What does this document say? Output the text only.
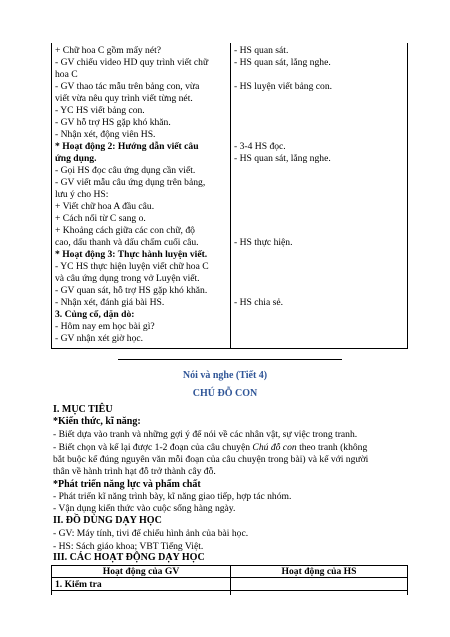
+ Chữ hoa C gồm mấy nét?
- GV chiếu video HD quy trình viết chữ
hoa C
- GV thao tác mẫu trên bảng con, vừa
viết vừa nêu quy trình viết từng nét.
- YC HS viết bảng con.
- GV hỗ trợ HS gặp khó khăn.
- Nhận xét, động viên HS.
* Hoạt động 2: Hướng dẫn viết câu
ứng dụng.
- Gọi HS đọc câu ứng dụng cần viết.
- GV viết mẫu câu ứng dụng trên bảng,
lưu ý cho HS:
+ Viết chữ hoa A đầu câu.
+ Cách nối từ C sang o.
+ Khoảng cách giữa các con chữ, độ
cao, dấu thanh và dấu chấm cuối câu.
* Hoạt động 3: Thực hành luyện viết.
- YC HS thực hiện luyện viết chữ hoa C
và câu ứng dụng trong vở Luyện viết.
- GV quan sát, hỗ trợ HS gặp khó khăn.
- Nhận xét, đánh giá bài HS.
3. Củng cố, dặn dò:
- Hôm nay em học bài gì?
- GV nhận xét giờ học.
- HS quan sát.
- HS quan sát, lắng nghe.
- HS luyện viết bảng con.
- 3-4 HS đọc.
- HS quan sát, lắng nghe.
- HS thực hiện.
- HS chia sẻ.
Nói và nghe (Tiết 4)
CHÚ ĐỖ CON
I. MỤC TIÊU
*Kiến thức, kĩ năng:
- Biết dựa vào tranh và những gợi ý để nói về các nhân vật, sự việc trong tranh.
- Biết chọn và kể lại được 1-2 đoạn của câu chuyện Chú đỗ con theo tranh (không
bắt buộc kể đúng nguyên văn mỗi đoạn của câu chuyện trong bài) và kể với người
thân về hành trình hạt đỗ trở thành cây đỗ.
*Phát triển năng lực và phẩm chất
- Phát triển kĩ năng trình bày, kĩ năng giao tiếp, hợp tác nhóm.
- Vận dụng kiến thức vào cuộc sống hàng ngày.
II. ĐỒ DÙNG DẠY HỌC
- GV: Máy tính, tivi để chiếu hình ảnh của bài học.
- HS: Sách giáo khoa; VBT Tiếng Việt.
III. CÁC HOẠT ĐỘNG DẠY HỌC
Hoạt động của GV	Hoạt động của HS
1. Kiểm tra
